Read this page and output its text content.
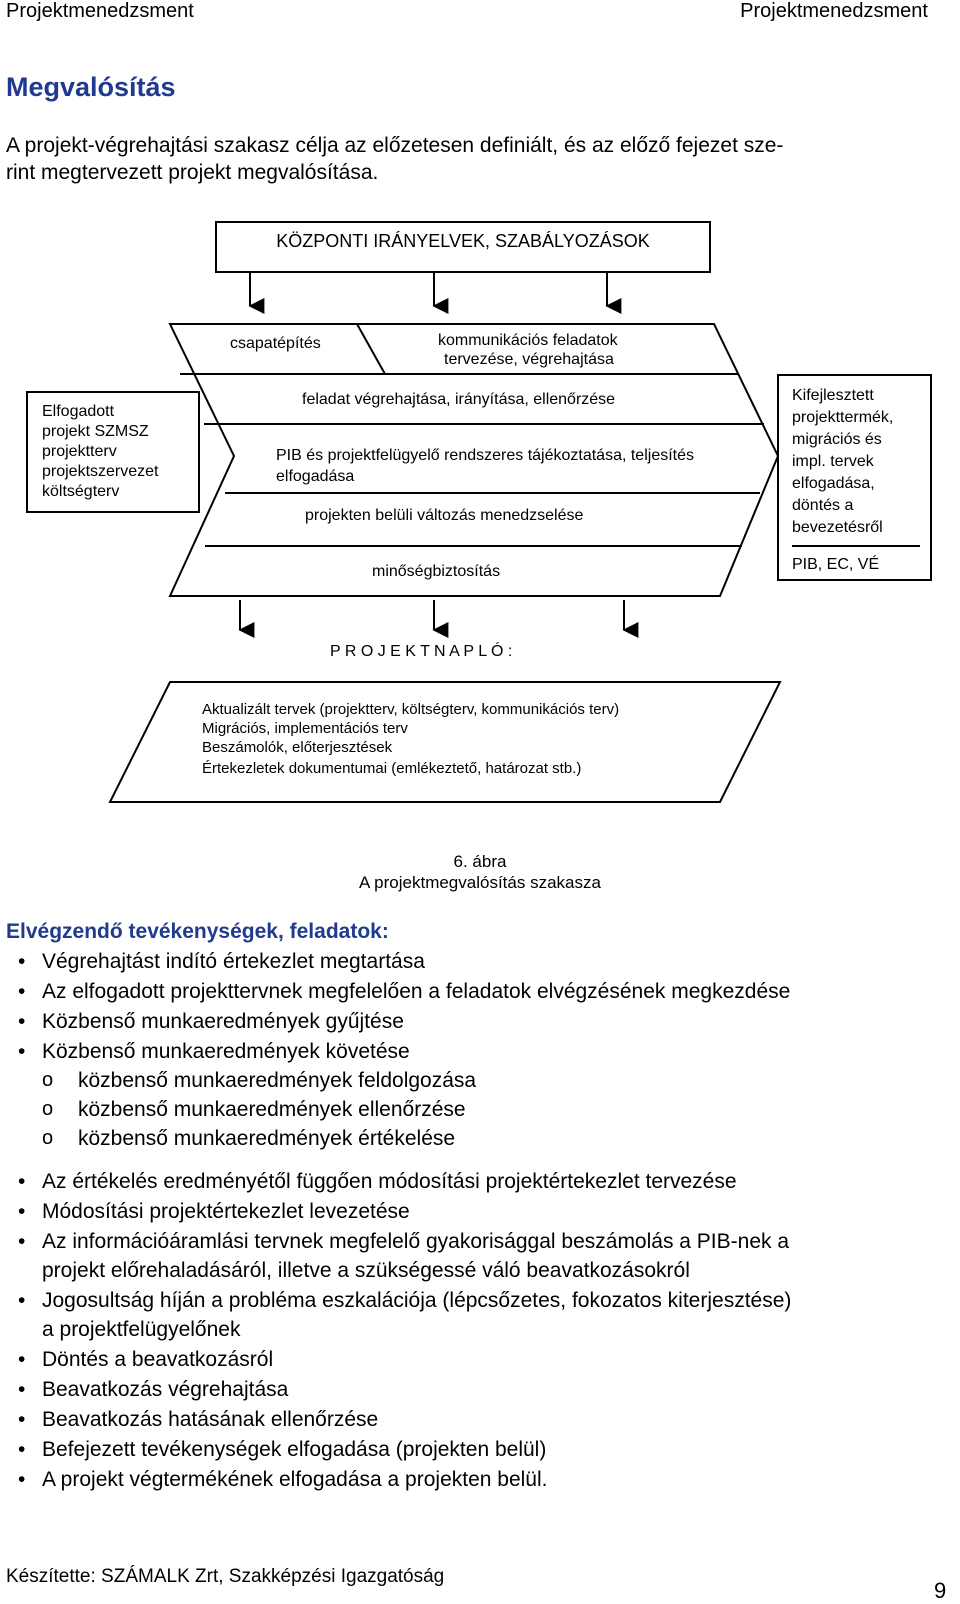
Projektmenedzsment	Projektmenedzsment
Megvalósítás
A projekt-végrehajtási szakasz célja az előzetesen definiált, és az előző fejezet sze-
rint megtervezett projekt megvalósítása.
KÖZPONTI IRÁNYELVEK, SZABÁLYOZÁSOK
Elfogadott
projekt SZMSZ
projektterv
projektszervezet
költségterv
csapatépítés	kommunikációs feladatok
tervezése, végrehajtása
feladat végrehajtása, irányítása, ellenőrzése
PIB és projektfelügyelő rendszeres tájékoztatása, teljesítés
elfogadása
projekten belüli változás menedzselése
minőségbiztosítás
Kifejlesztett
projekttermék,
migrációs és
impl. tervek
elfogadása,
döntés a
bevezetésről
PIB, EC, VÉ
P R O J E K T N A P L Ó :
Aktualizált tervek (projektterv, költségterv, kommunikációs terv)
Migrációs, implementációs terv
Beszámolók, előterjesztések
Értekezletek dokumentumai (emlékeztető, határozat stb.)
6. ábra
A projektmegvalósítás szakasza
Elvégzendő tevékenységek, feladatok:
• Végrehajtást indító értekezlet megtartása
• Az elfogadott projekttervnek megfelelően a feladatok elvégzésének megkezdése
• Közbenső munkaeredmények gyűjtése
• Közbenső munkaeredmények követése
o közbenső munkaeredmények feldolgozása
o közbenső munkaeredmények ellenőrzése
o közbenső munkaeredmények értékelése
• Az értékelés eredményétől függően módosítási projektértekezlet tervezése
• Módosítási projektértekezlet levezetése
• Az információáramlási tervnek megfelelő gyakorisággal beszámolás a PIB-nek a
projekt előrehaladásáról, illetve a szükségessé váló beavatkozásokról
• Jogosultság híján a probléma eszkalációja (lépcsőzetes, fokozatos kiterjesztése)
a projektfelügyelőnek
• Döntés a beavatkozásról
• Beavatkozás végrehajtása
• Beavatkozás hatásának ellenőrzése
• Befejezett tevékenységek elfogadása (projekten belül)
• A projekt végtermékének elfogadása a projekten belül.
Készítette: SZÁMALK Zrt, Szakképzési Igazgatóság
9
